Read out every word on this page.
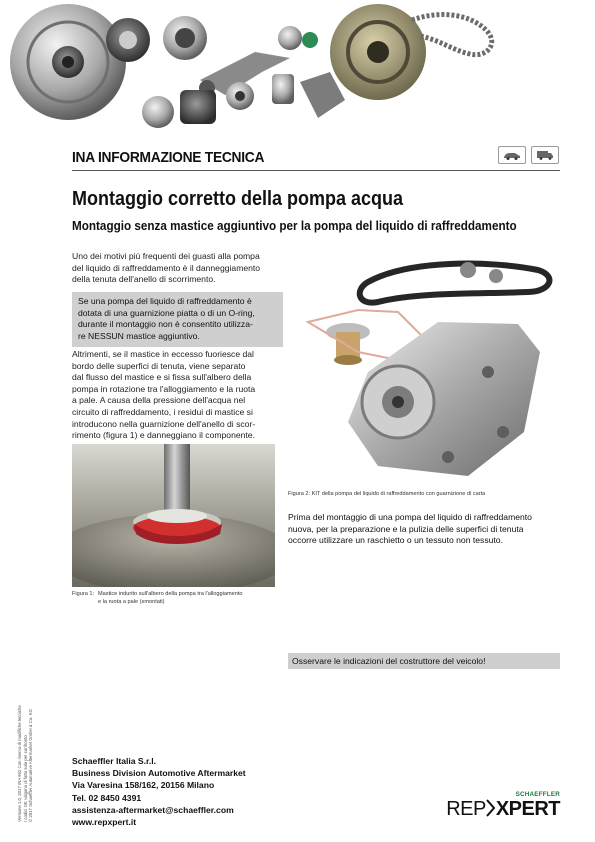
INA INFORMAZIONE TECNICA
Montaggio corretto della pompa acqua
Montaggio senza mastice aggiuntivo per la pompa del liquido di raffreddamento
Uno dei motivi più frequenti dei guasti alla pompa
del liquido di raffreddamento è il danneggiamento
della tenuta dell'anello di scorrimento.
Se una pompa del liquido di raffreddamento è
dotata di una guarnizione piatta o di un O-ring,
durante il montaggio non è consentito utilizza-
re NESSUN mastice aggiuntivo.
Altrimenti, se il mastice in eccesso fuoriesce dal
bordo delle superfici di tenuta, viene separato
dal flusso del mastice e si fissa sull'albero della
pompa in rotazione tra l'alloggiamento e la ruota
a pale. A causa della pressione dell'acqua nel
circuito di raffreddamento, i residui di mastice si
introducono nella guarnizione dell'anello di scor-
rimento (figura 1) e danneggiano il componente.
Figura 1: Mastice indurito sull'albero della pompa tra l'alloggiamento
e la ruota a pale (smontati)
Figura 2: KIT della pompa del liquido di raffreddamento con guarnizione di carta
Prima del montaggio di una pompa del liquido di raffreddamento
nuova, per la preparazione e la pulizia delle superfici di tenuta
occorre utilizzare un raschietto o un tessuto non tessuto.
Osservare le indicazioni del costruttore del veicolo!
Versione 1.0, 2017 INA 962 Con riserva di modifiche tecniche I codici OE valgono di fatto solo per confronto © 2017 Schaeffler Automotive Aftermarket GmbH & Co. KG	Schaeffler Italia S.r.l.
Business Division Automotive Aftermarket
Via Varesina 158/162, 20156 Milano
Tel. 02 8450 4391
assistenza-aftermarket@schaeffler.com
www.repxpert.it
SCHAEFFLER
REP XPERT
